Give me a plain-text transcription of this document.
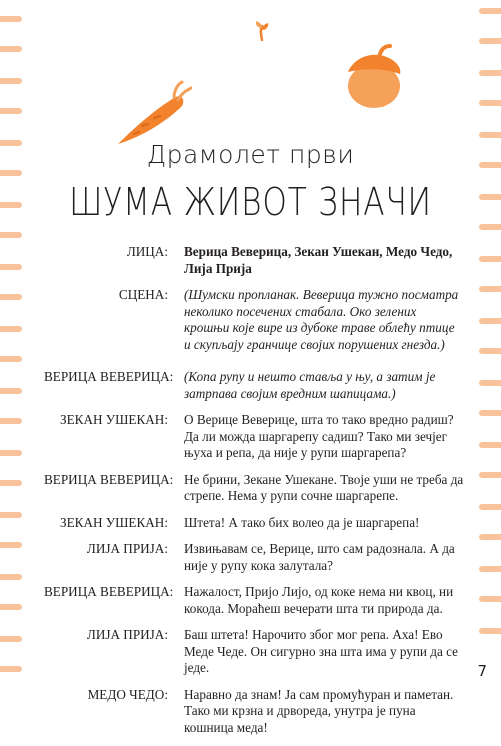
Драмолет први
ШУМА ЖИВОТ ЗНАЧИ
ЛИЦА:	Верица Веверица, Зекан Ушекан, Медо Чедо, Лија Прија
СЦЕНА:	(Шумски пропланак. Веверица тужно посматра неколико посечених стабала. Око зелених крошњи које вире из дубоке траве облећу птице и скупљају гранчице својих порушених гнезда.)
ВЕРИЦА ВЕВЕРИЦА: (Копа рупу и нешто ставља у њу, а затим је затрпава својим вредним шапицама.)
ЗЕКАН УШЕКАН:	О Верице Веверице, шта то тако вредно радиш? Да ли можда шаргарепу садиш? Тако ми зечјег њуха и репа, да није у рупи шаргарепа?
ВЕРИЦА ВЕВЕРИЦА: Не брини, Зекане Ушекане. Твоје уши не треба да стрепе. Нема у рупи сочне шаргарепе.
ЗЕКАН УШЕКАН:	Штета! А тако бих волео да је шаргарепа!
ЛИЈА ПРИЈА:	Извињавам се, Верице, што сам радознала. А да није у рупу кока залутала?
ВЕРИЦА ВЕВЕРИЦА: Нажалост, Пријо Лијо, од коке нема ни квоц, ни кокода. Морaћеш вечерати шта ти природа да.
ЛИЈА ПРИЈА:	Баш штета! Нарочито због мог репа. Аха! Ево Медe Чеде. Он сигурно зна шта има у рупи да се једе.
МЕДО ЧЕДО:	Наравно да знам! Ја сам промућуран и паметан. Тако ми крзна и дрворедa, унутра је пуна кошница меда!
7
